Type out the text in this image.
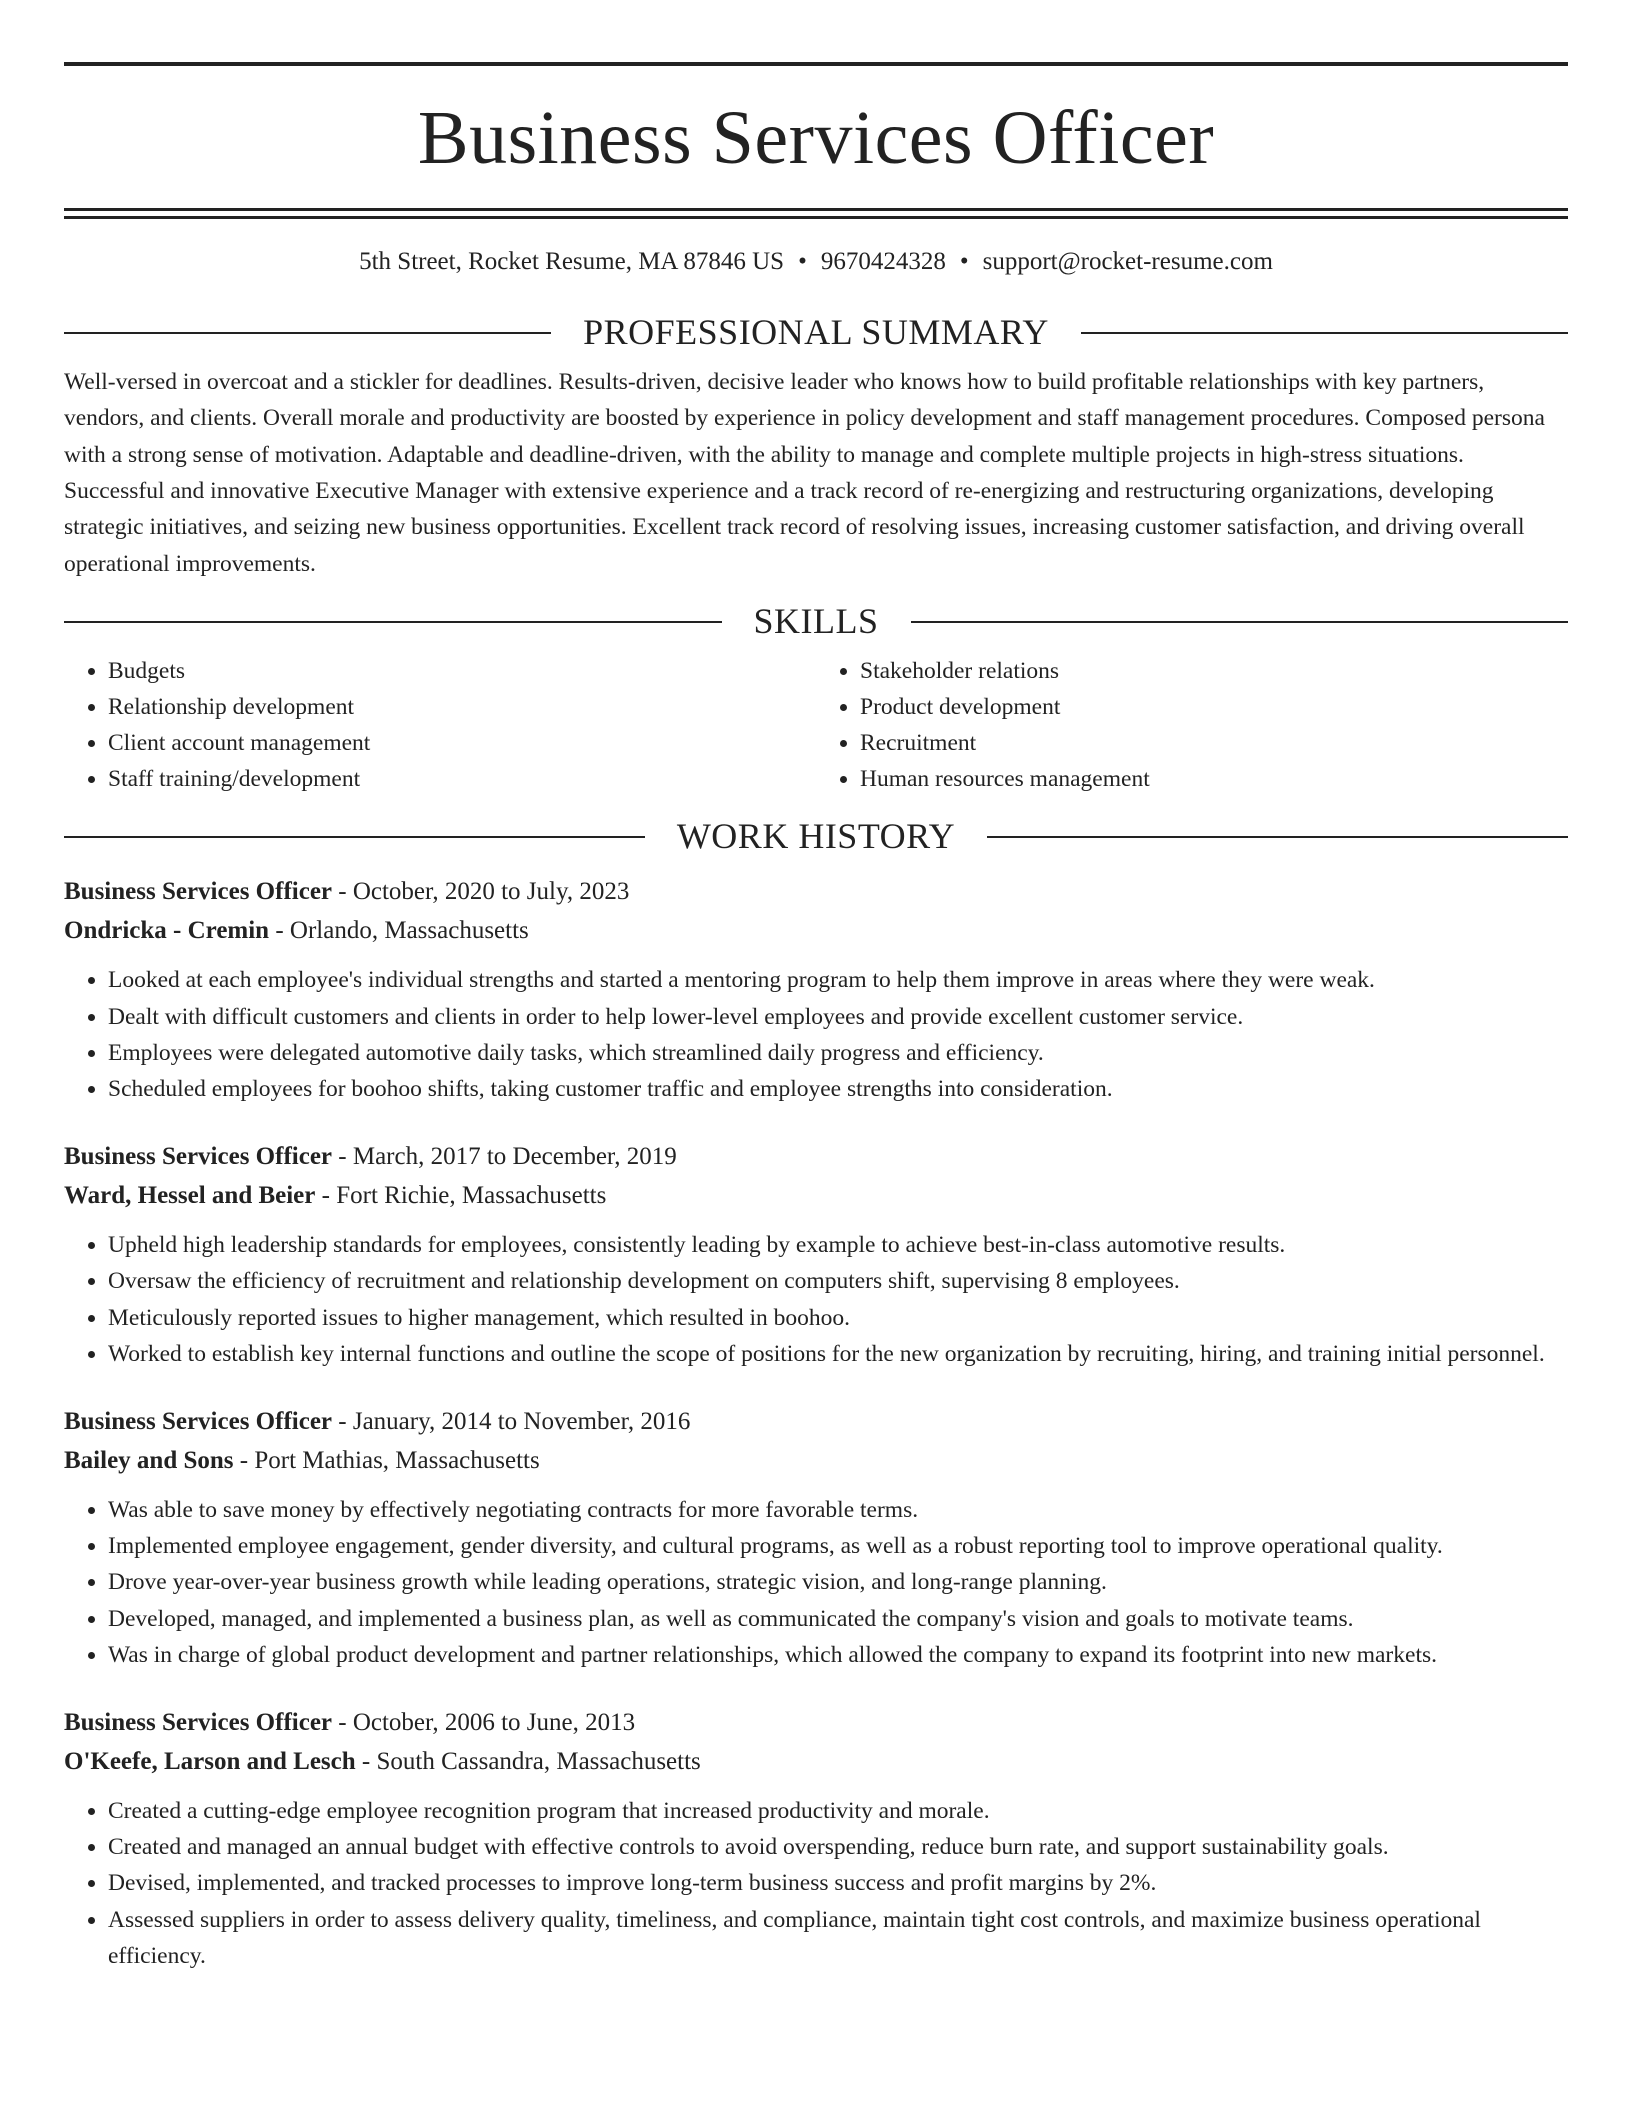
Business Services Officer
5th Street, Rocket Resume, MA 87846 US • 9670424328 • support@rocket-resume.com
PROFESSIONAL SUMMARY

Well-versed in overcoat and a stickler for deadlines. Results-driven, decisive leader who knows how to build profitable relationships with key partners, vendors, and clients. Overall morale and productivity are boosted by experience in policy development and staff management procedures. Composed persona with a strong sense of motivation. Adaptable and deadline-driven, with the ability to manage and complete multiple projects in high-stress situations. Successful and innovative Executive Manager with extensive experience and a track record of re-energizing and restructuring organizations, developing strategic initiatives, and seizing new business opportunities. Excellent track record of resolving issues, increasing customer satisfaction, and driving overall operational improvements.

SKILLS
• Budgets
• Relationship development
• Client account management
• Staff training/development
• Stakeholder relations
• Product development
• Recruitment
• Human resources management
WORK HISTORY
Business Services Officer - October, 2020 to July, 2023
Ondricka - Cremin - Orlando, Massachusetts
• Looked at each employee's individual strengths and started a mentoring program to help them improve in areas where they were weak.
• Dealt with difficult customers and clients in order to help lower-level employees and provide excellent customer service.
• Employees were delegated automotive daily tasks, which streamlined daily progress and efficiency.
• Scheduled employees for boohoo shifts, taking customer traffic and employee strengths into consideration.
Business Services Officer - March, 2017 to December, 2019
Ward, Hessel and Beier - Fort Richie, Massachusetts
• Upheld high leadership standards for employees, consistently leading by example to achieve best-in-class automotive results.
• Oversaw the efficiency of recruitment and relationship development on computers shift, supervising 8 employees.
• Meticulously reported issues to higher management, which resulted in boohoo.
• Worked to establish key internal functions and outline the scope of positions for the new organization by recruiting, hiring, and training initial personnel.
Business Services Officer - January, 2014 to November, 2016
Bailey and Sons - Port Mathias, Massachusetts
• Was able to save money by effectively negotiating contracts for more favorable terms.
• Implemented employee engagement, gender diversity, and cultural programs, as well as a robust reporting tool to improve operational quality.
• Drove year-over-year business growth while leading operations, strategic vision, and long-range planning.
• Developed, managed, and implemented a business plan, as well as communicated the company's vision and goals to motivate teams.
• Was in charge of global product development and partner relationships, which allowed the company to expand its footprint into new markets.
Business Services Officer - October, 2006 to June, 2013
O'Keefe, Larson and Lesch - South Cassandra, Massachusetts
• Created a cutting-edge employee recognition program that increased productivity and morale.
• Created and managed an annual budget with effective controls to avoid overspending, reduce burn rate, and support sustainability goals.
• Devised, implemented, and tracked processes to improve long-term business success and profit margins by 2%.
• Assessed suppliers in order to assess delivery quality, timeliness, and compliance, maintain tight cost controls, and maximize business operational efficiency.
